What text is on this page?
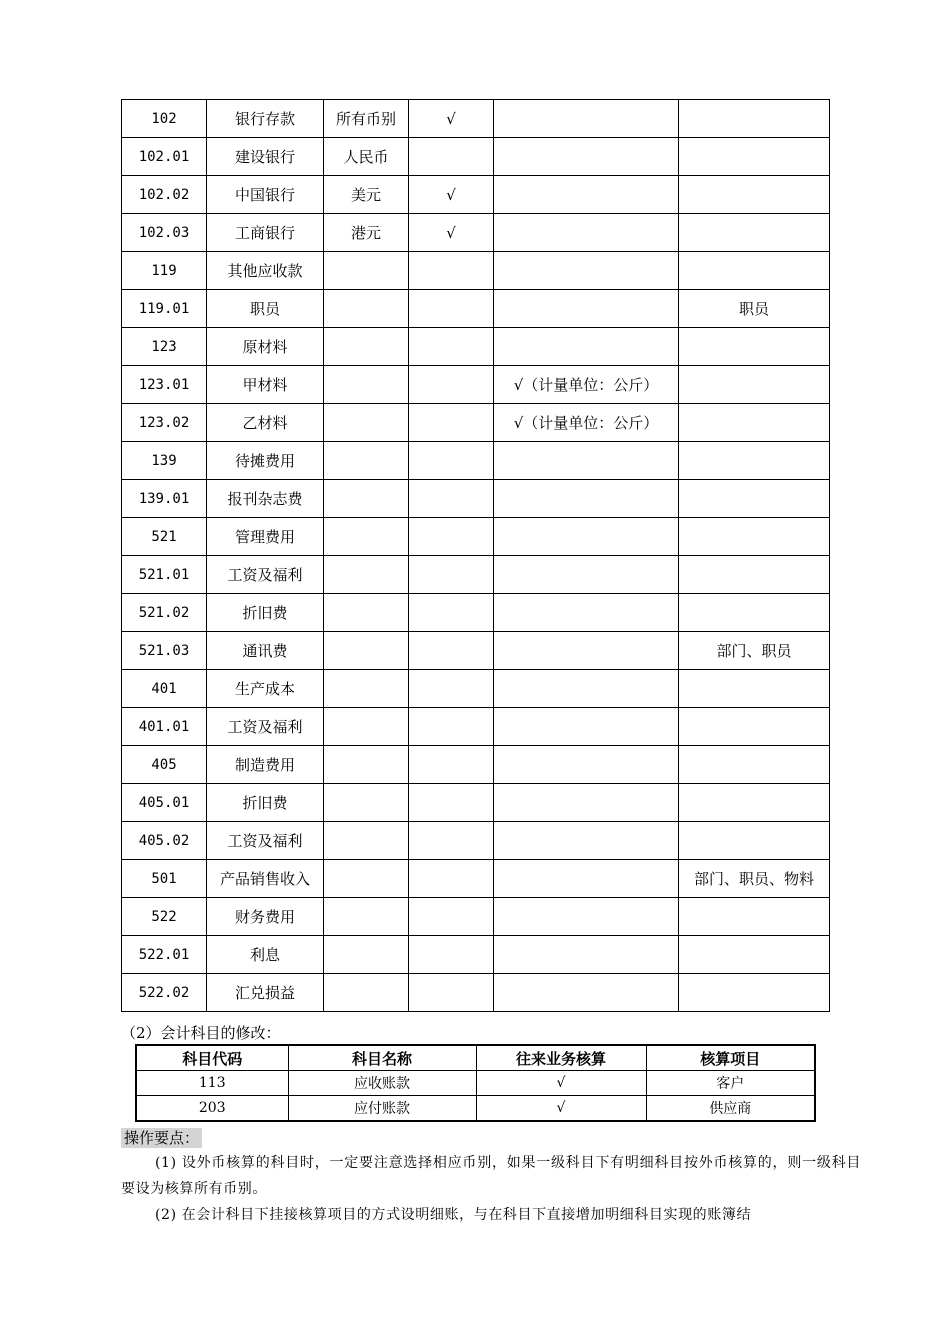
102	银行存款	所有币别	√		
102.01	建设银行	人民币			
102.02	中国银行	美元	√		
102.03	工商银行	港元	√		
119	其他应收款				
119.01	职员				职员
123	原材料				
123.01	甲材料			√（计量单位：公斤）	
123.02	乙材料			√（计量单位：公斤）	
139	待摊费用				
139.01	报刊杂志费				
521	管理费用				
521.01	工资及福利				
521.02	折旧费				
521.03	通讯费				部门、职员
401	生产成本				
401.01	工资及福利				
405	制造费用				
405.01	折旧费				
405.02	工资及福利				
501	产品销售收入				部门、职员、物料
522	财务费用				
522.01	利息				
522.02	汇兑损益				
（2）会计科目的修改：
科目代码	科目名称	往来业务核算	核算项目
113	应收账款	√	客户
203	应付账款	√	供应商
操作要点：
(1) 设外币核算的科目时，一定要注意选择相应币别，如果一级科目下有明细科目按外币核算的，则一级科目要设为核算所有币别。
(2) 在会计科目下挂接核算项目的方式设明细账，与在科目下直接增加明细科目实现的账簿结
